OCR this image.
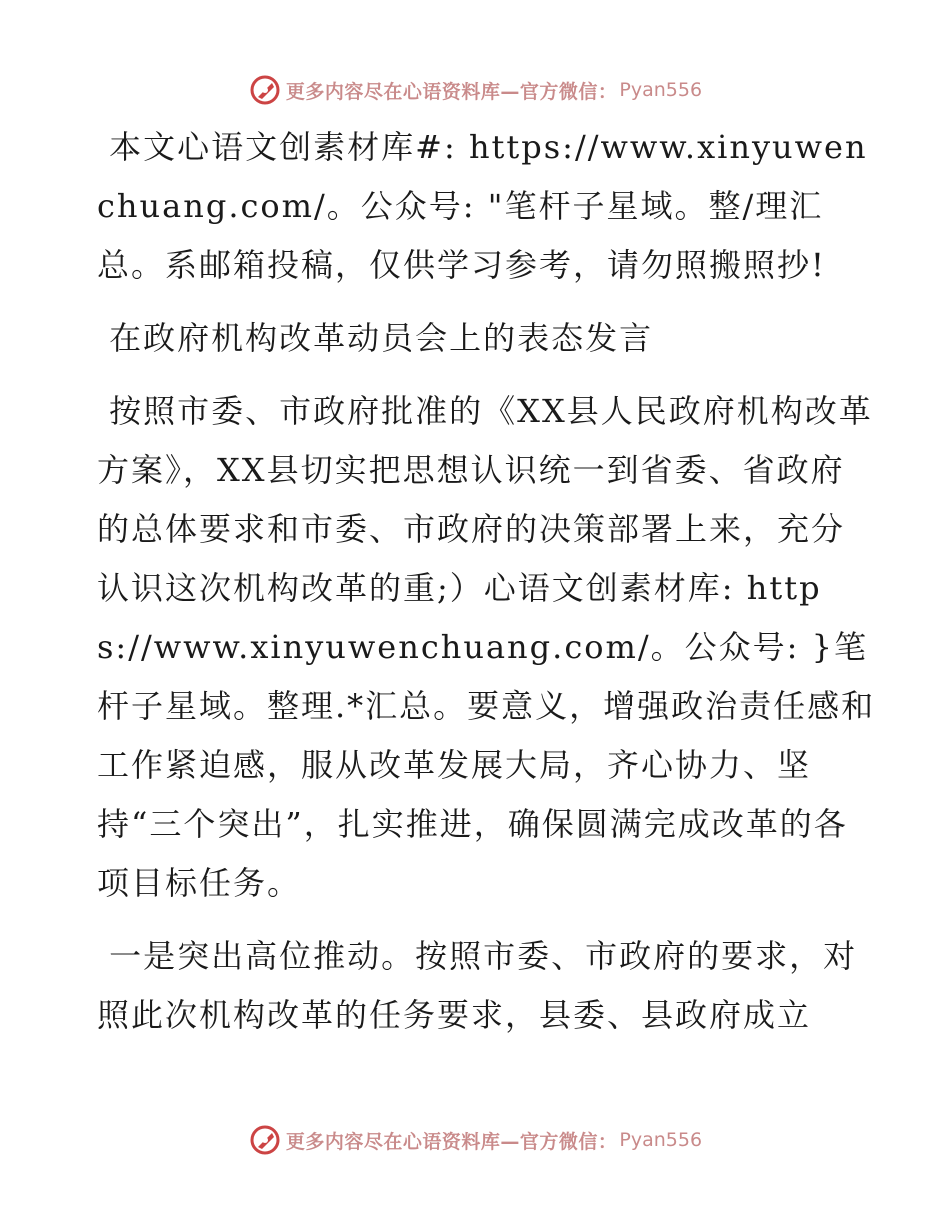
更多内容尽在心语资料库—官方微信： Pyan556

本文心语文创素材库#: https://www.xinyuwenchuang.com/。公众号: "笔杆子星域。整/理汇总。系邮箱投稿，仅供学习参考，请勿照搬照抄!

在政府机构改革动员会上的表态发言

按照市委、市政府批准的《XX县人民政府机构改革方案》，XX县切实把思想认识统一到省委、省政府的总体要求和市委、市政府的决策部署上来，充分认识这次机构改革的重;）心语文创素材库: https://www.xinyuwenchuang.com/。公众号: }笔杆子星域。整理.*汇总。要意义，增强政治责任感和工作紧迫感，服从改革发展大局，齐心协力、坚持“三个突出”，扎实推进，确保圆满完成改革的各项目标任务。

一是突出高位推动。按照市委、市政府的要求，对照此次机构改革的任务要求，县委、县政府成立

更多内容尽在心语资料库—官方微信： Pyan556
